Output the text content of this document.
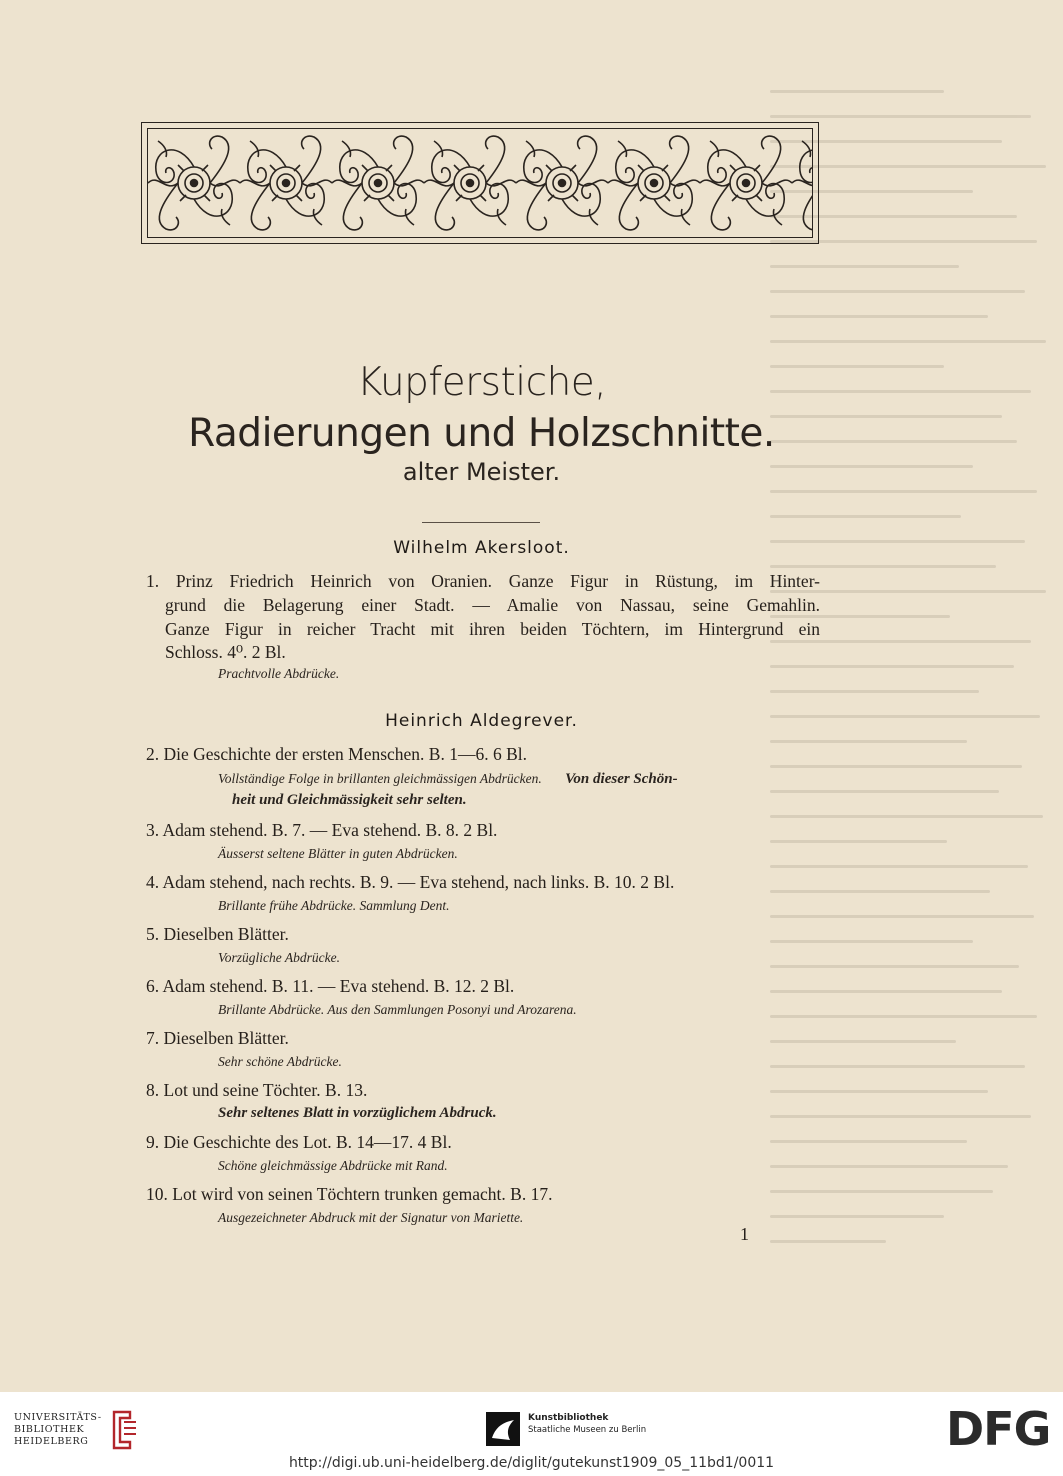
Kupferstiche,
Radierungen und Holzschnitte.
alter Meister.
Wilhelm Akersloot.
1. Prinz Friedrich Heinrich von Oranien. Ganze Figur in Rüstung, im Hinter-
grund die Belagerung einer Stadt. — Amalie von Nassau, seine Gemahlin.
Ganze Figur in reicher Tracht mit ihren beiden Töchtern, im Hintergrund ein
Schloss. 4⁰. 2 Bl.
Prachtvolle Abdrücke.
Heinrich Aldegrever.
2. Die Geschichte der ersten Menschen. B. 1—6. 6 Bl.
Vollständige Folge in brillanten gleichmässigen Abdrücken. Von dieser Schön-
heit und Gleichmässigkeit sehr selten.
3. Adam stehend. B. 7. — Eva stehend. B. 8. 2 Bl.
Äusserst seltene Blätter in guten Abdrücken.
4. Adam stehend, nach rechts. B. 9. — Eva stehend, nach links. B. 10. 2 Bl.
Brillante frühe Abdrücke. Sammlung Dent.
5. Dieselben Blätter.
Vorzügliche Abdrücke.
6. Adam stehend. B. 11. — Eva stehend. B. 12. 2 Bl.
Brillante Abdrücke. Aus den Sammlungen Posonyi und Arozarena.
7. Dieselben Blätter.
Sehr schöne Abdrücke.
8. Lot und seine Töchter. B. 13.
Sehr seltenes Blatt in vorzüglichem Abdruck.
9. Die Geschichte des Lot. B. 14—17. 4 Bl.
Schöne gleichmässige Abdrücke mit Rand.
10. Lot wird von seinen Töchtern trunken gemacht. B. 17.
Ausgezeichneter Abdruck mit der Signatur von Mariette.
1
UNIVERSITÄTS-
BIBLIOTHEK
HEIDELBERG
Kunstbibliothek
Staatliche Museen zu Berlin	DFG
http://digi.ub.uni-heidelberg.de/diglit/gutekunst1909_05_11bd1/0011
